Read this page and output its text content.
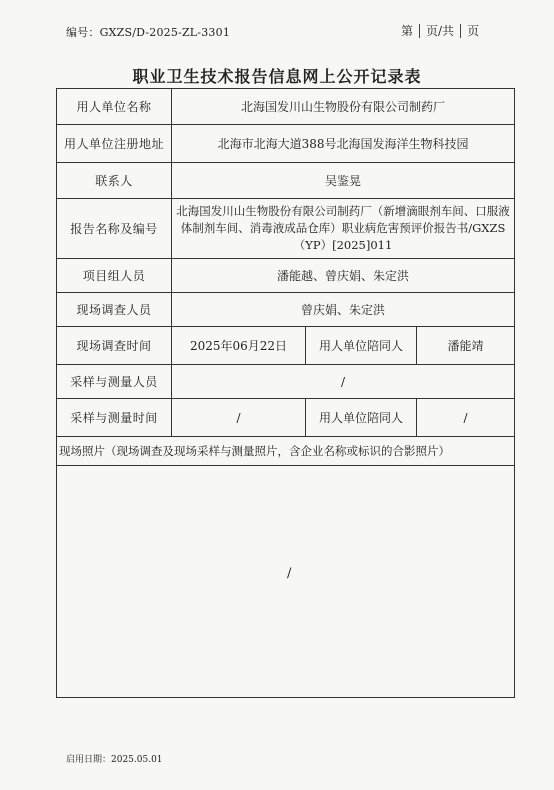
编号：GXZS/D-2025-ZL-3301	第 页/共 页
职业卫生技术报告信息网上公开记录表
用人单位名称	北海国发川山生物股份有限公司制药厂		
用人单位注册地址	北海市北海大道388号北海国发海洋生物科技园		
联系人	吴鉴晃		
报告名称及编号	北海国发川山生物股份有限公司制药厂（新增滴眼剂车间、口服液体制剂车间、消毒液成品仓库）职业病危害预评价报告书/GXZS（YP）[2025]011		
项目组人员	潘能越、曾庆娟、朱定洪		
现场调查人员	曾庆娟、朱定洪		
现场调查时间	2025年06月22日	用人单位陪同人	潘能靖
采样与测量人员	/		
采样与测量时间	/	用人单位陪同人	/
现场照片（现场调查及现场采样与测量照片，含企业名称或标识的合影照片）			

/			
启用日期：2025.05.01
